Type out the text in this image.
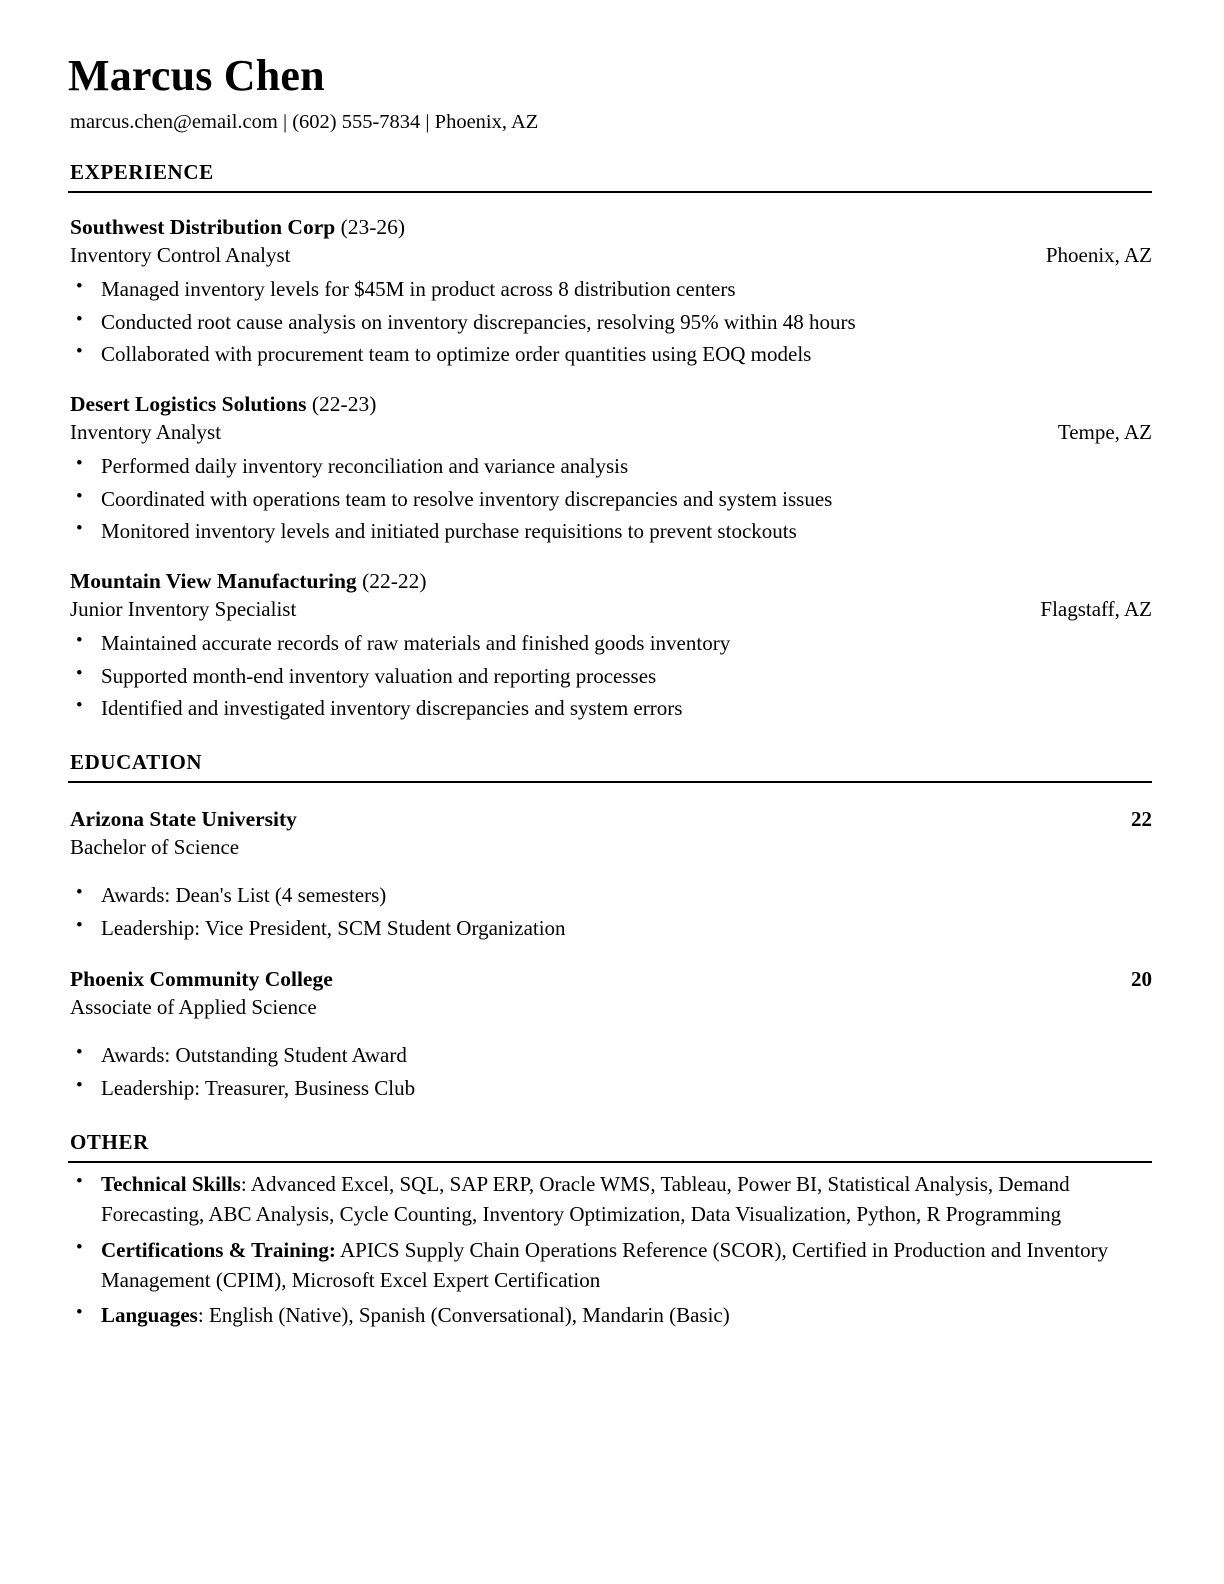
Marcus Chen
marcus.chen@email.com | (602) 555-7834 | Phoenix, AZ
EXPERIENCE
Southwest Distribution Corp (23-26)
Inventory Control Analyst	Phoenix, AZ
• Managed inventory levels for $45M in product across 8 distribution centers
• Conducted root cause analysis on inventory discrepancies, resolving 95% within 48 hours
• Collaborated with procurement team to optimize order quantities using EOQ models
Desert Logistics Solutions (22-23)
Inventory Analyst	Tempe, AZ
• Performed daily inventory reconciliation and variance analysis
• Coordinated with operations team to resolve inventory discrepancies and system issues
• Monitored inventory levels and initiated purchase requisitions to prevent stockouts
Mountain View Manufacturing (22-22)
Junior Inventory Specialist	Flagstaff, AZ
• Maintained accurate records of raw materials and finished goods inventory
• Supported month-end inventory valuation and reporting processes
• Identified and investigated inventory discrepancies and system errors
EDUCATION
Arizona State University	22
Bachelor of Science
• Awards: Dean's List (4 semesters)
• Leadership: Vice President, SCM Student Organization
Phoenix Community College	20
Associate of Applied Science
• Awards: Outstanding Student Award
• Leadership: Treasurer, Business Club
OTHER
• Technical Skills: Advanced Excel, SQL, SAP ERP, Oracle WMS, Tableau, Power BI, Statistical Analysis, Demand Forecasting, ABC Analysis, Cycle Counting, Inventory Optimization, Data Visualization, Python, R Programming
• Certifications & Training: APICS Supply Chain Operations Reference (SCOR), Certified in Production and Inventory Management (CPIM), Microsoft Excel Expert Certification
• Languages: English (Native), Spanish (Conversational), Mandarin (Basic)
